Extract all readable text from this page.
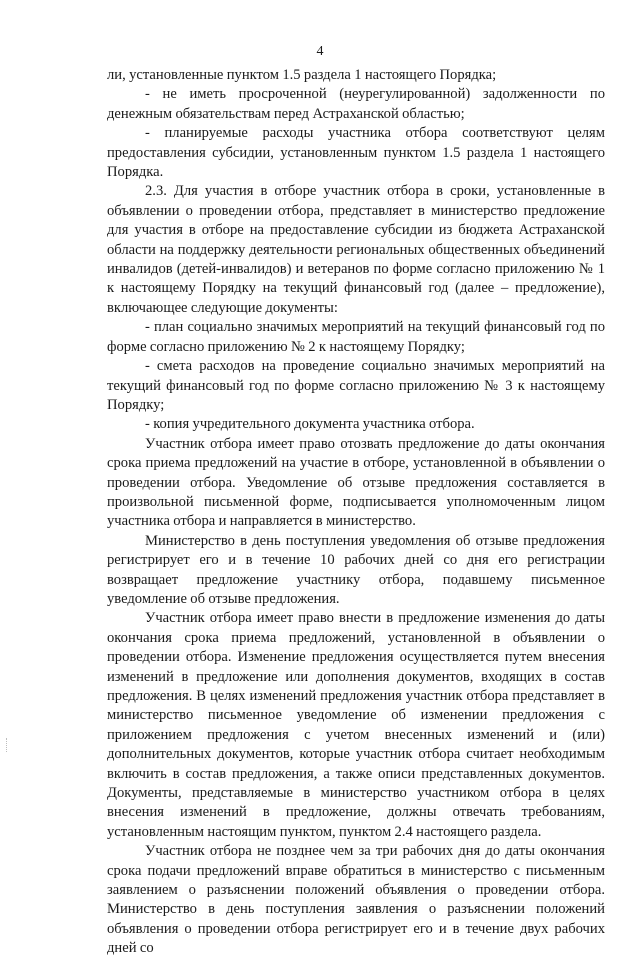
4

ли, установленные пунктом 1.5 раздела 1 настоящего Порядка;

- не иметь просроченной (неурегулированной) задолженности по денежным обязательствам перед Астраханской областью;

- планируемые расходы участника отбора соответствуют целям предоставления субсидии, установленным пунктом 1.5 раздела 1 настоящего Порядка.

2.3. Для участия в отборе участник отбора в сроки, установленные в объявлении о проведении отбора, представляет в министерство предложение для участия в отборе на предоставление субсидии из бюджета Астраханской области на поддержку деятельности региональных общественных объединений инвалидов (детей-инвалидов) и ветеранов по форме согласно приложению № 1 к настоящему Порядку на текущий финансовый год (далее – предложение), включающее следующие документы:

- план социально значимых мероприятий на текущий финансовый год по форме согласно приложению № 2 к настоящему Порядку;

- смета расходов на проведение социально значимых мероприятий на текущий финансовый год по форме согласно приложению № 3 к настоящему Порядку;

- копия учредительного документа участника отбора.

Участник отбора имеет право отозвать предложение до даты окончания срока приема предложений на участие в отборе, установленной в объявлении о проведении отбора. Уведомление об отзыве предложения составляется в произвольной письменной форме, подписывается уполномоченным лицом участника отбора и направляется в министерство.

Министерство в день поступления уведомления об отзыве предложения регистрирует его и в течение 10 рабочих дней со дня его регистрации возвращает предложение участнику отбора, подавшему письменное уведомление об отзыве предложения.

Участник отбора имеет право внести в предложение изменения до даты окончания срока приема предложений, установленной в объявлении о проведении отбора. Изменение предложения осуществляется путем внесения изменений в предложение или дополнения документов, входящих в состав предложения. В целях изменений предложения участник отбора представляет в министерство письменное уведомление об изменении предложения с приложением предложения с учетом внесенных изменений и (или) дополнительных документов, которые участник отбора считает необходимым включить в состав предложения, а также описи представленных документов. Документы, представляемые в министерство участником отбора в целях внесения изменений в предложение, должны отвечать требованиям, установленным настоящим пунктом, пунктом 2.4 настоящего раздела.

Участник отбора не позднее чем за три рабочих дня до даты окончания срока подачи предложений вправе обратиться в министерство с письменным заявлением о разъяснении положений объявления о проведении отбора. Министерство в день поступления заявления о разъяснении положений объявления о проведении отбора регистрирует его и в течение двух рабочих дней со
